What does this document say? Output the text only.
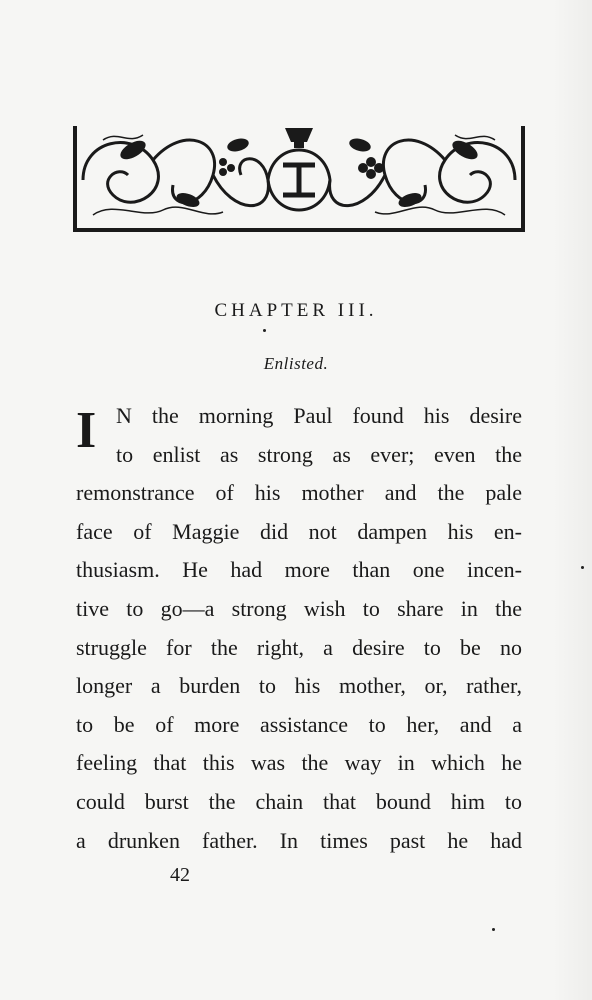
CHAPTER III.
Enlisted.
I N the morning Paul found his desire
to enlist as strong as ever; even the
remonstrance of his mother and the pale
face of Maggie did not dampen his en-
thusiasm. He had more than one incen-
tive to go—a strong wish to share in the
struggle for the right, a desire to be no
longer a burden to his mother, or, rather,
to be of more assistance to her, and a
feeling that this was the way in which he
could burst the chain that bound him to
a drunken father. In times past he had
42
